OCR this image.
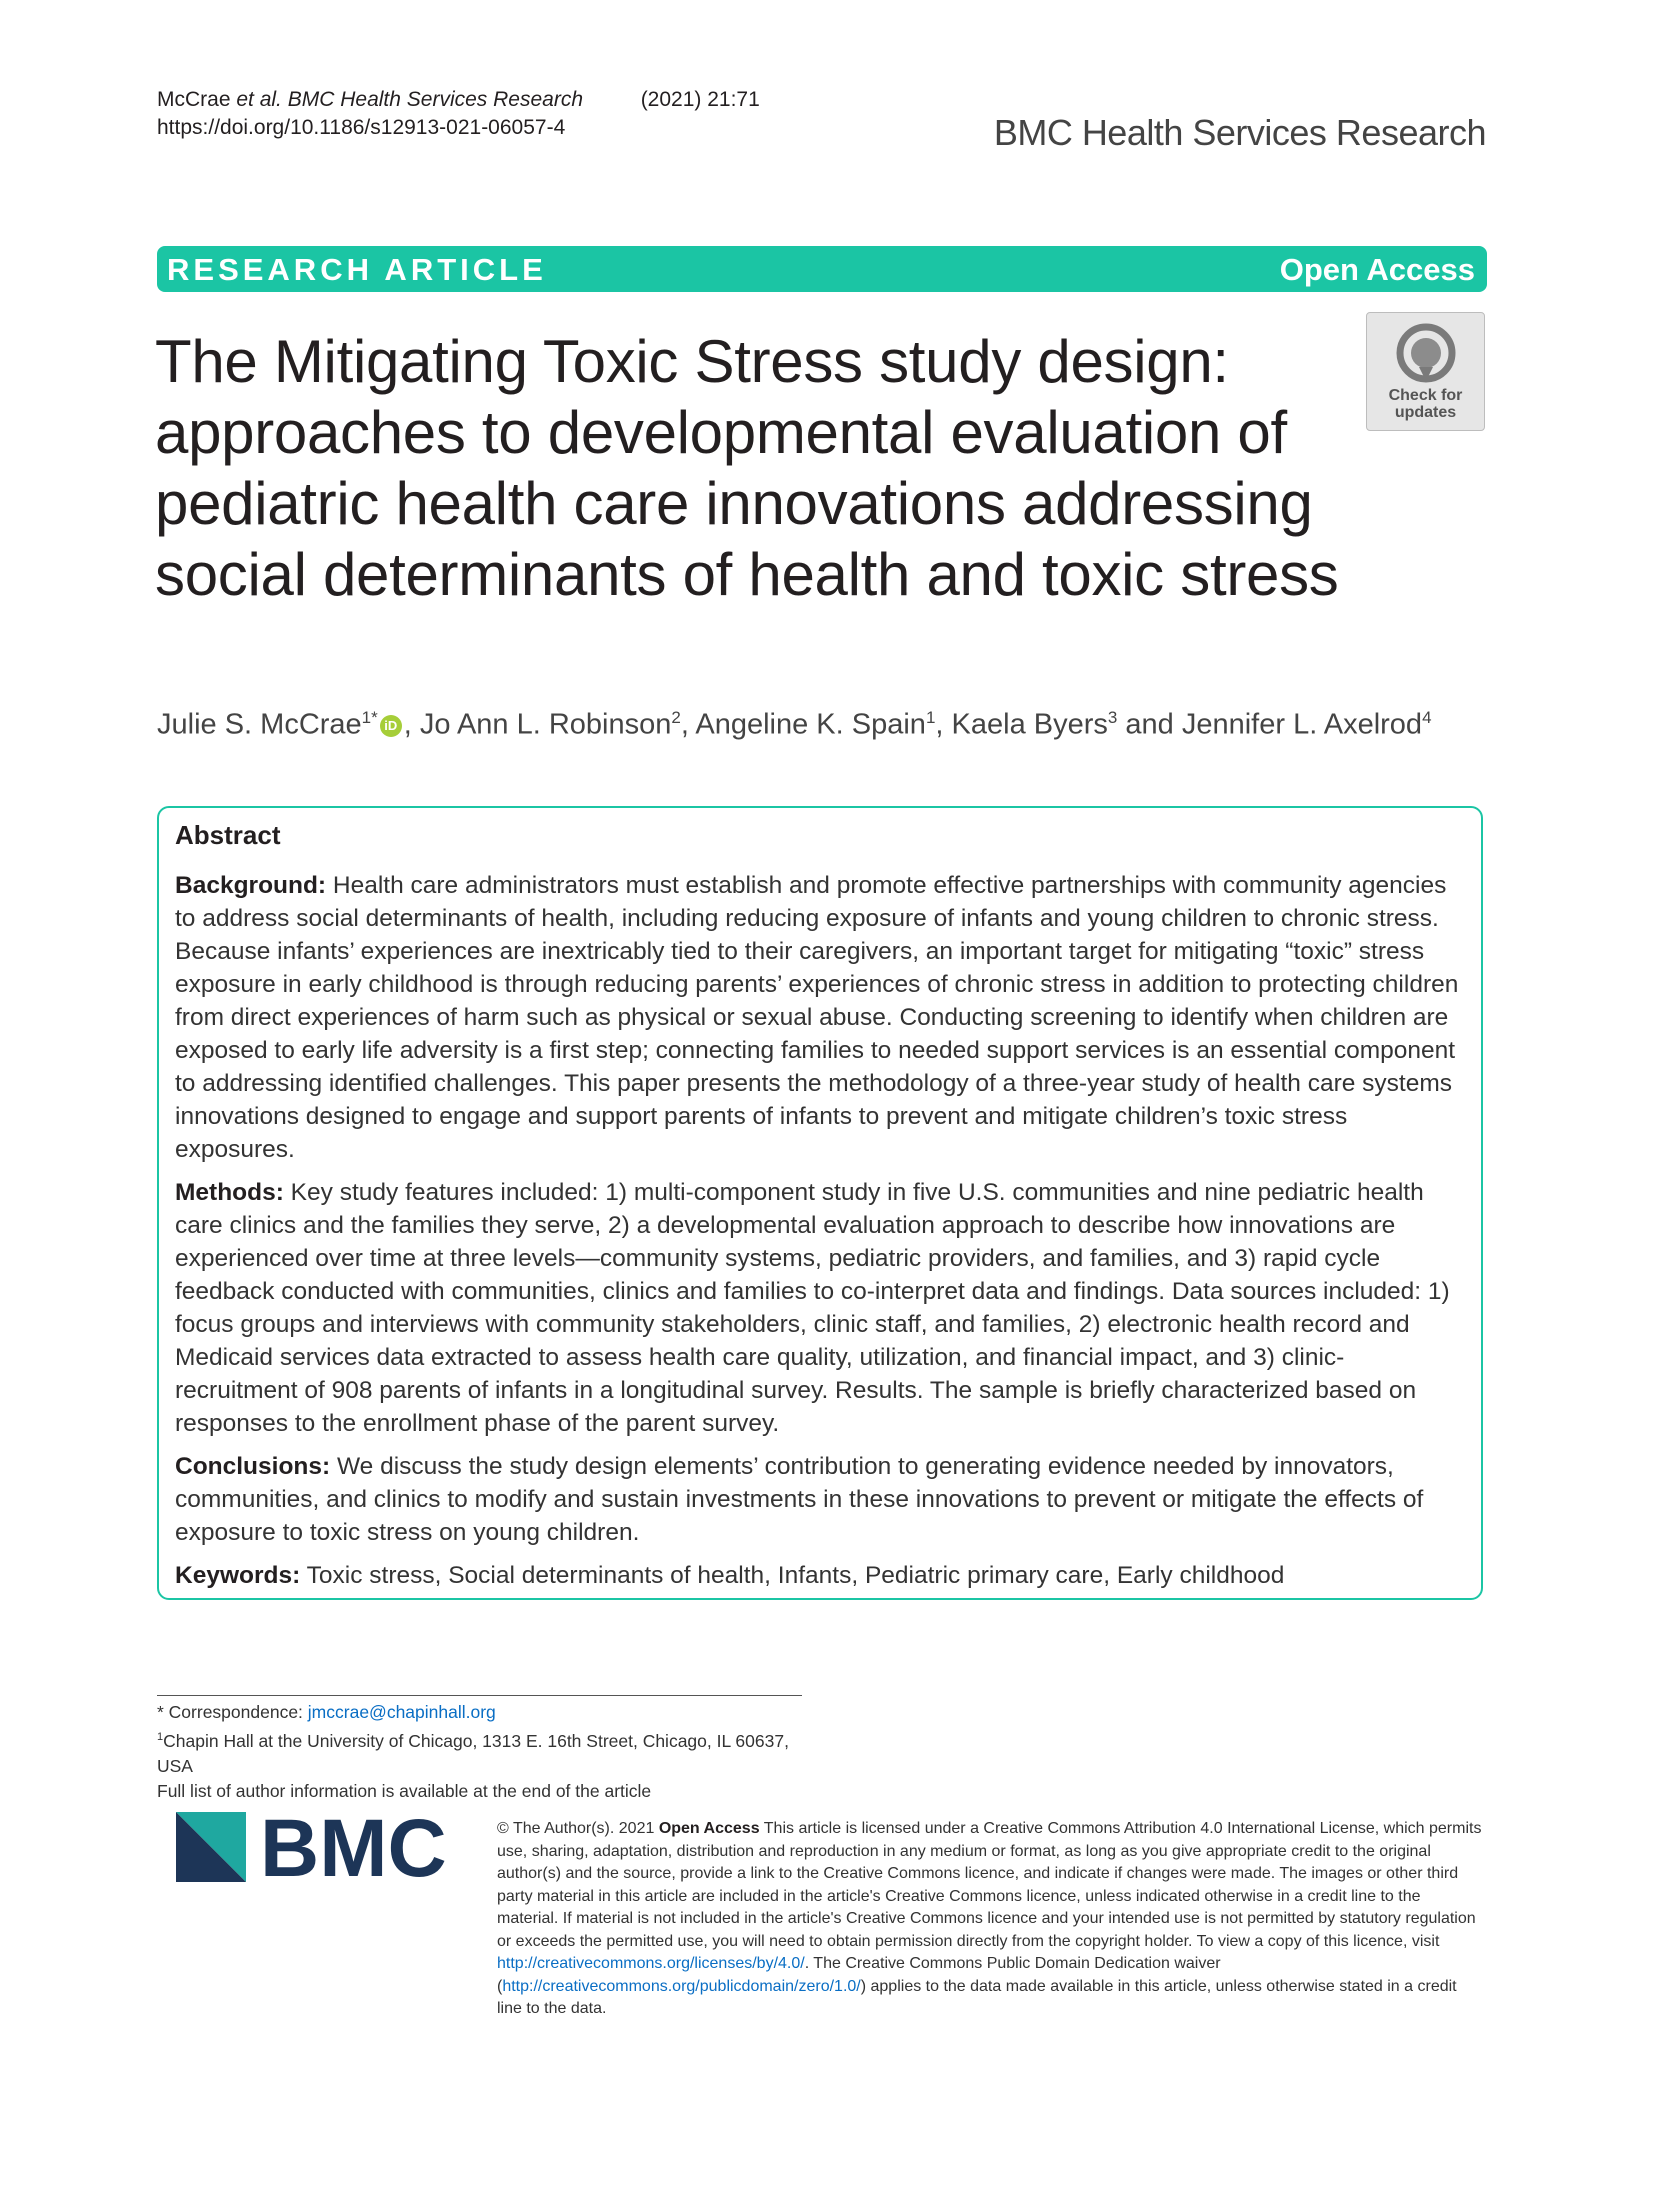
McCrae et al. BMC Health Services Research	(2021) 21:71
https://doi.org/10.1186/s12913-021-06057-4	BMC Health Services Research
RESEARCH ARTICLE	Open Access
The Mitigating Toxic Stress study design: approaches to developmental evaluation of pediatric health care innovations addressing social determinants of health and toxic stress
Check for
updates
Julie S. McCrae$^{1*}$ iD , Jo Ann L. Robinson$^2$, Angeline K. Spain$^1$, Kaela Byers$^3$ and Jennifer L. Axelrod$^4$
Abstract

Background: Health care administrators must establish and promote effective partnerships with community agencies to address social determinants of health, including reducing exposure of infants and young children to chronic stress. Because infants’ experiences are inextricably tied to their caregivers, an important target for mitigating “toxic” stress exposure in early childhood is through reducing parents’ experiences of chronic stress in addition to protecting children from direct experiences of harm such as physical or sexual abuse. Conducting screening to identify when children are exposed to early life adversity is a first step; connecting families to needed support services is an essential component to addressing identified challenges. This paper presents the methodology of a three-year study of health care systems innovations designed to engage and support parents of infants to prevent and mitigate children’s toxic stress exposures.

Methods: Key study features included: 1) multi-component study in five U.S. communities and nine pediatric health care clinics and the families they serve, 2) a developmental evaluation approach to describe how innovations are experienced over time at three levels—community systems, pediatric providers, and families, and 3) rapid cycle feedback conducted with communities, clinics and families to co-interpret data and findings. Data sources included: 1) focus groups and interviews with community stakeholders, clinic staff, and families, 2) electronic health record and Medicaid services data extracted to assess health care quality, utilization, and financial impact, and 3) clinic-recruitment of 908 parents of infants in a longitudinal survey. Results. The sample is briefly characterized based on responses to the enrollment phase of the parent survey.

Conclusions: We discuss the study design elements’ contribution to generating evidence needed by innovators, communities, and clinics to modify and sustain investments in these innovations to prevent or mitigate the effects of exposure to toxic stress on young children.

Keywords: Toxic stress, Social determinants of health, Infants, Pediatric primary care, Early childhood

* Correspondence: jmccrae@chapinhall.org
$^1$Chapin Hall at the University of Chicago, 1313 E. 16th Street, Chicago, IL 60637, USA
Full list of author information is available at the end of the article
BMC	© The Author(s). 2021 Open Access This article is licensed under a Creative Commons Attribution 4.0 International License, which permits use, sharing, adaptation, distribution and reproduction in any medium or format, as long as you give appropriate credit to the original author(s) and the source, provide a link to the Creative Commons licence, and indicate if changes were made. The images or other third party material in this article are included in the article's Creative Commons licence, unless indicated otherwise in a credit line to the material. If material is not included in the article's Creative Commons licence and your intended use is not permitted by statutory regulation or exceeds the permitted use, you will need to obtain permission directly from the copyright holder. To view a copy of this licence, visit http://creativecommons.org/licenses/by/4.0/. The Creative Commons Public Domain Dedication waiver (http://creativecommons.org/publicdomain/zero/1.0/) applies to the data made available in this article, unless otherwise stated in a credit line to the data.
